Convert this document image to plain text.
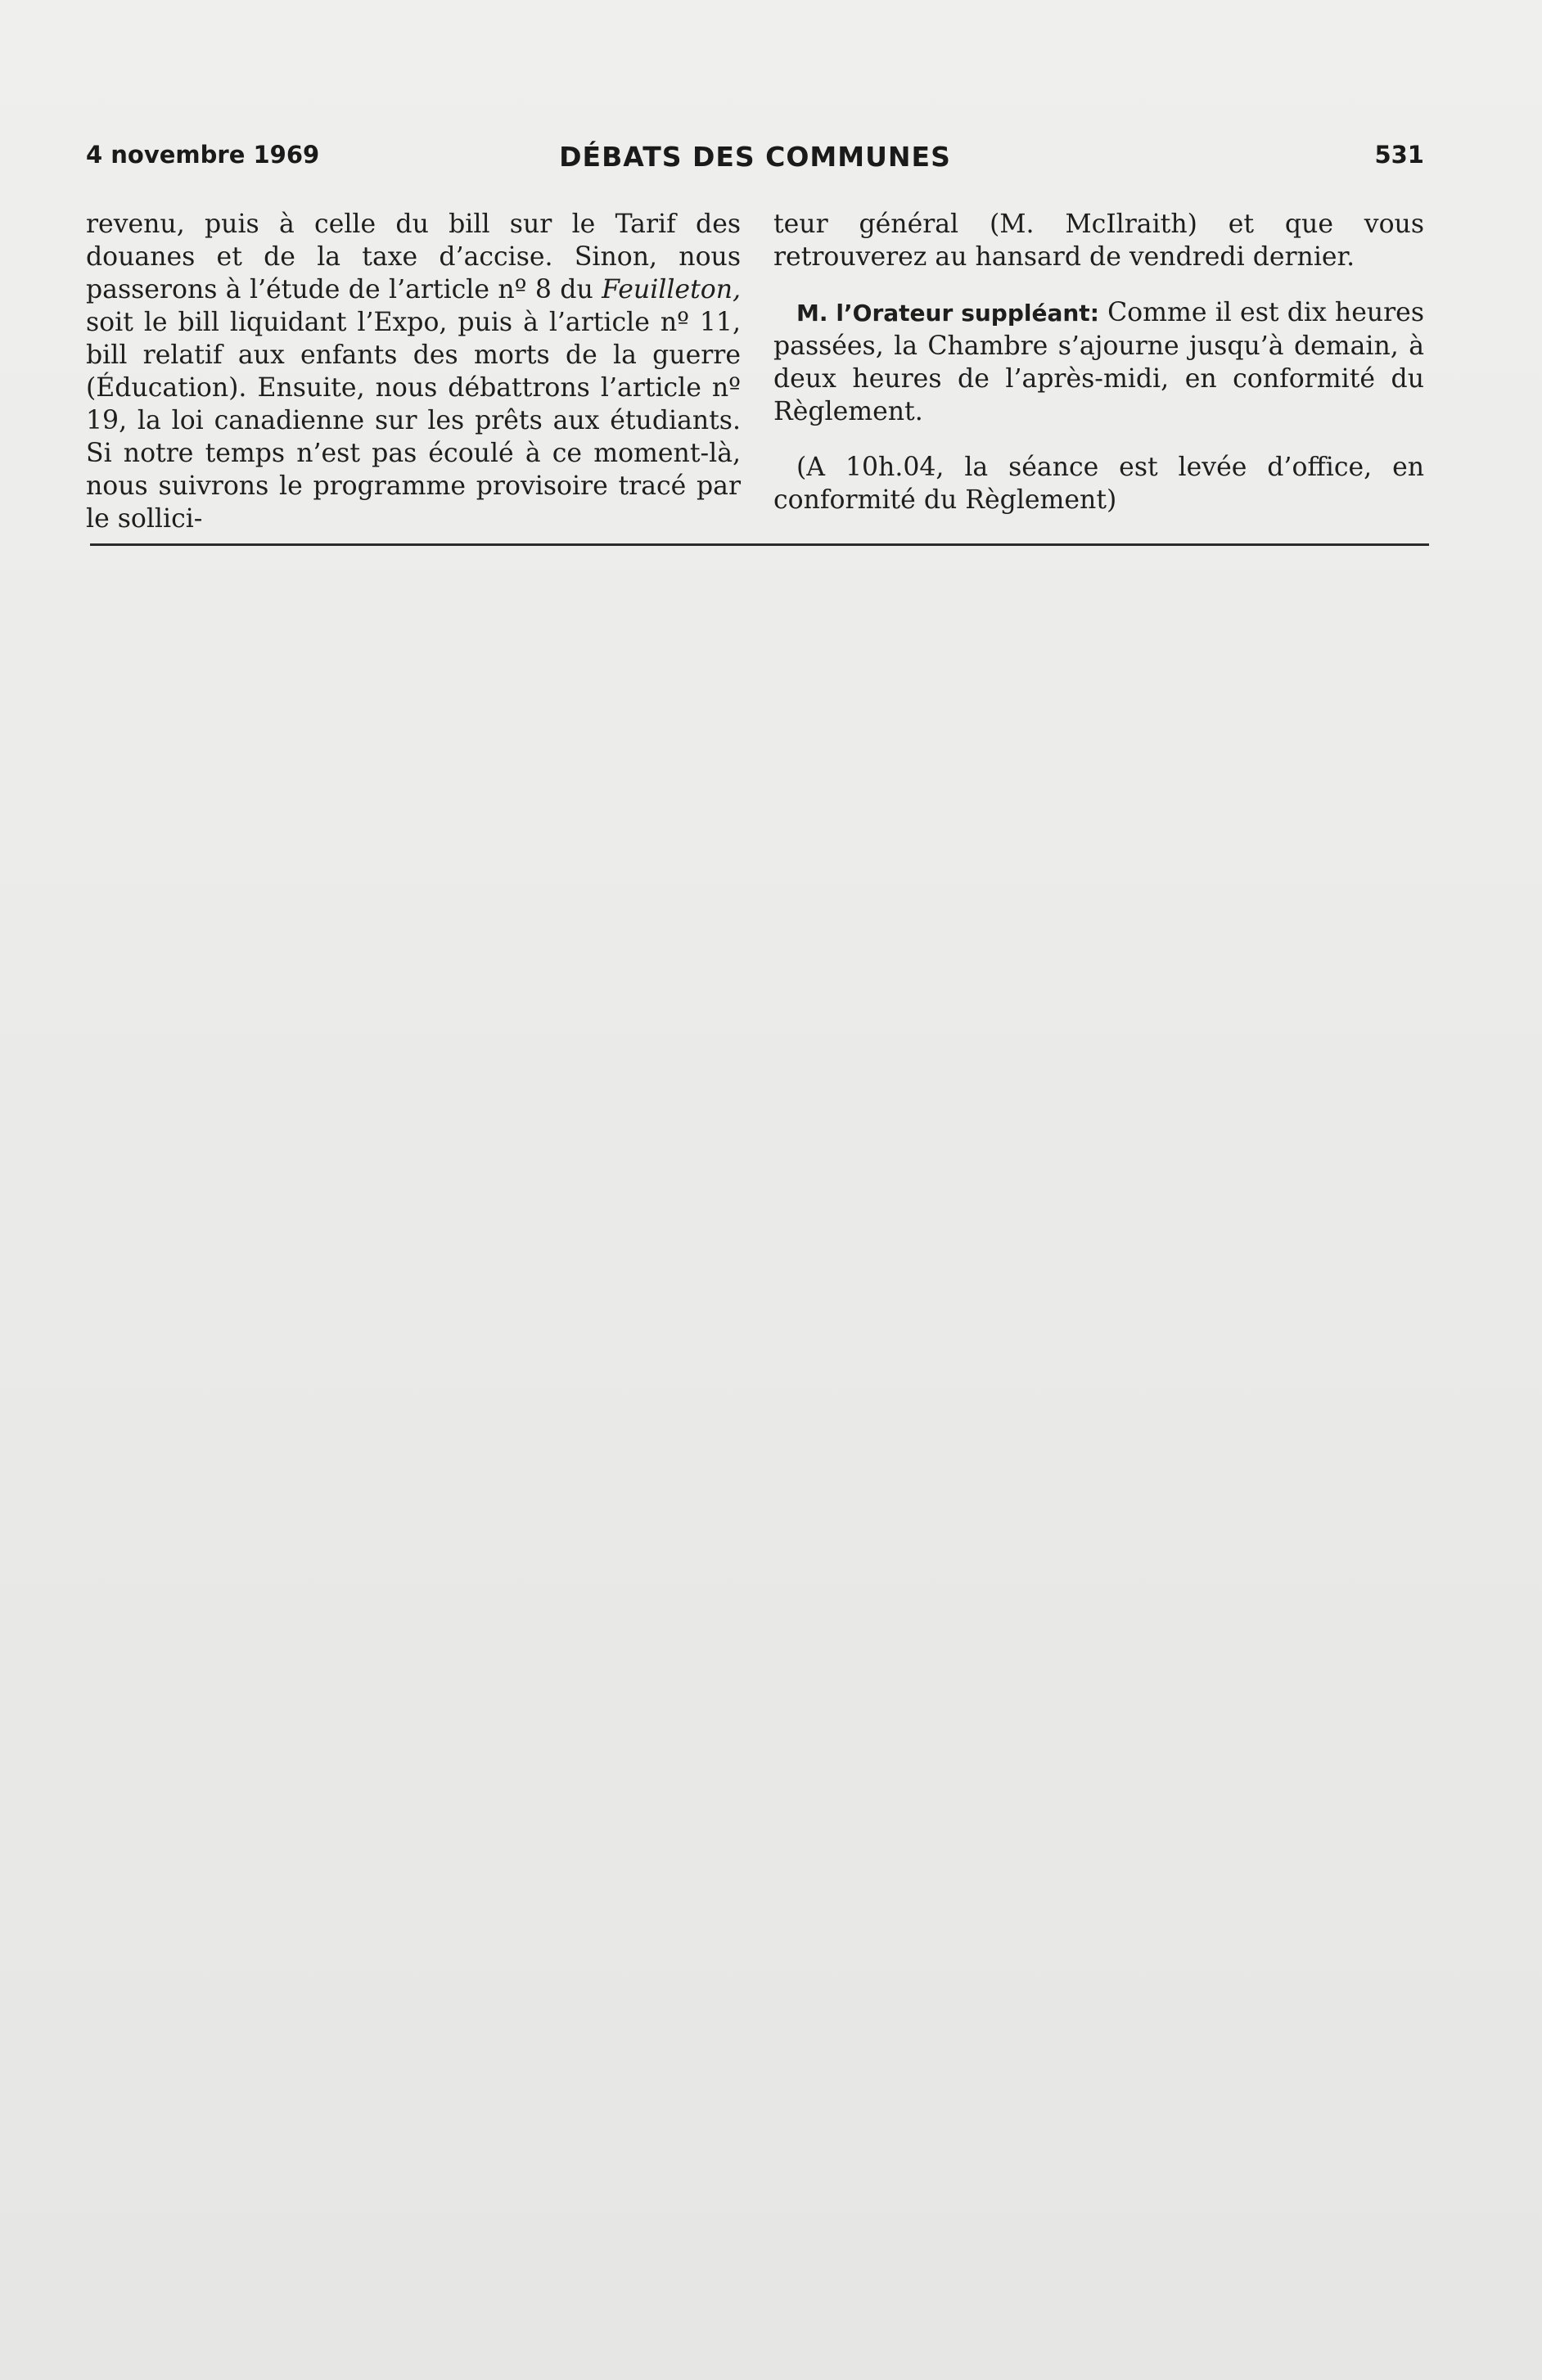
4 novembre 1969	DÉBATS DES COMMUNES	531

revenu, puis à celle du bill sur le Tarif des douanes et de la taxe d’accise. Sinon, nous passerons à l’étude de l’article nº 8 du Feuilleton, soit le bill liquidant l’Expo, puis à l’article nº 11, bill relatif aux enfants des morts de la guerre (Éducation). Ensuite, nous débattrons l’article nº 19, la loi canadienne sur les prêts aux étudiants. Si notre temps n’est pas écoulé à ce moment-là, nous suivrons le programme provisoire tracé par le sollici-

teur général (M. McIlraith) et que vous retrouverez au hansard de vendredi dernier.

M. l’Orateur suppléant: Comme il est dix heures passées, la Chambre s’ajourne jusqu’à demain, à deux heures de l’après-midi, en conformité du Règlement.

(A 10h.04, la séance est levée d’office, en conformité du Règlement)
